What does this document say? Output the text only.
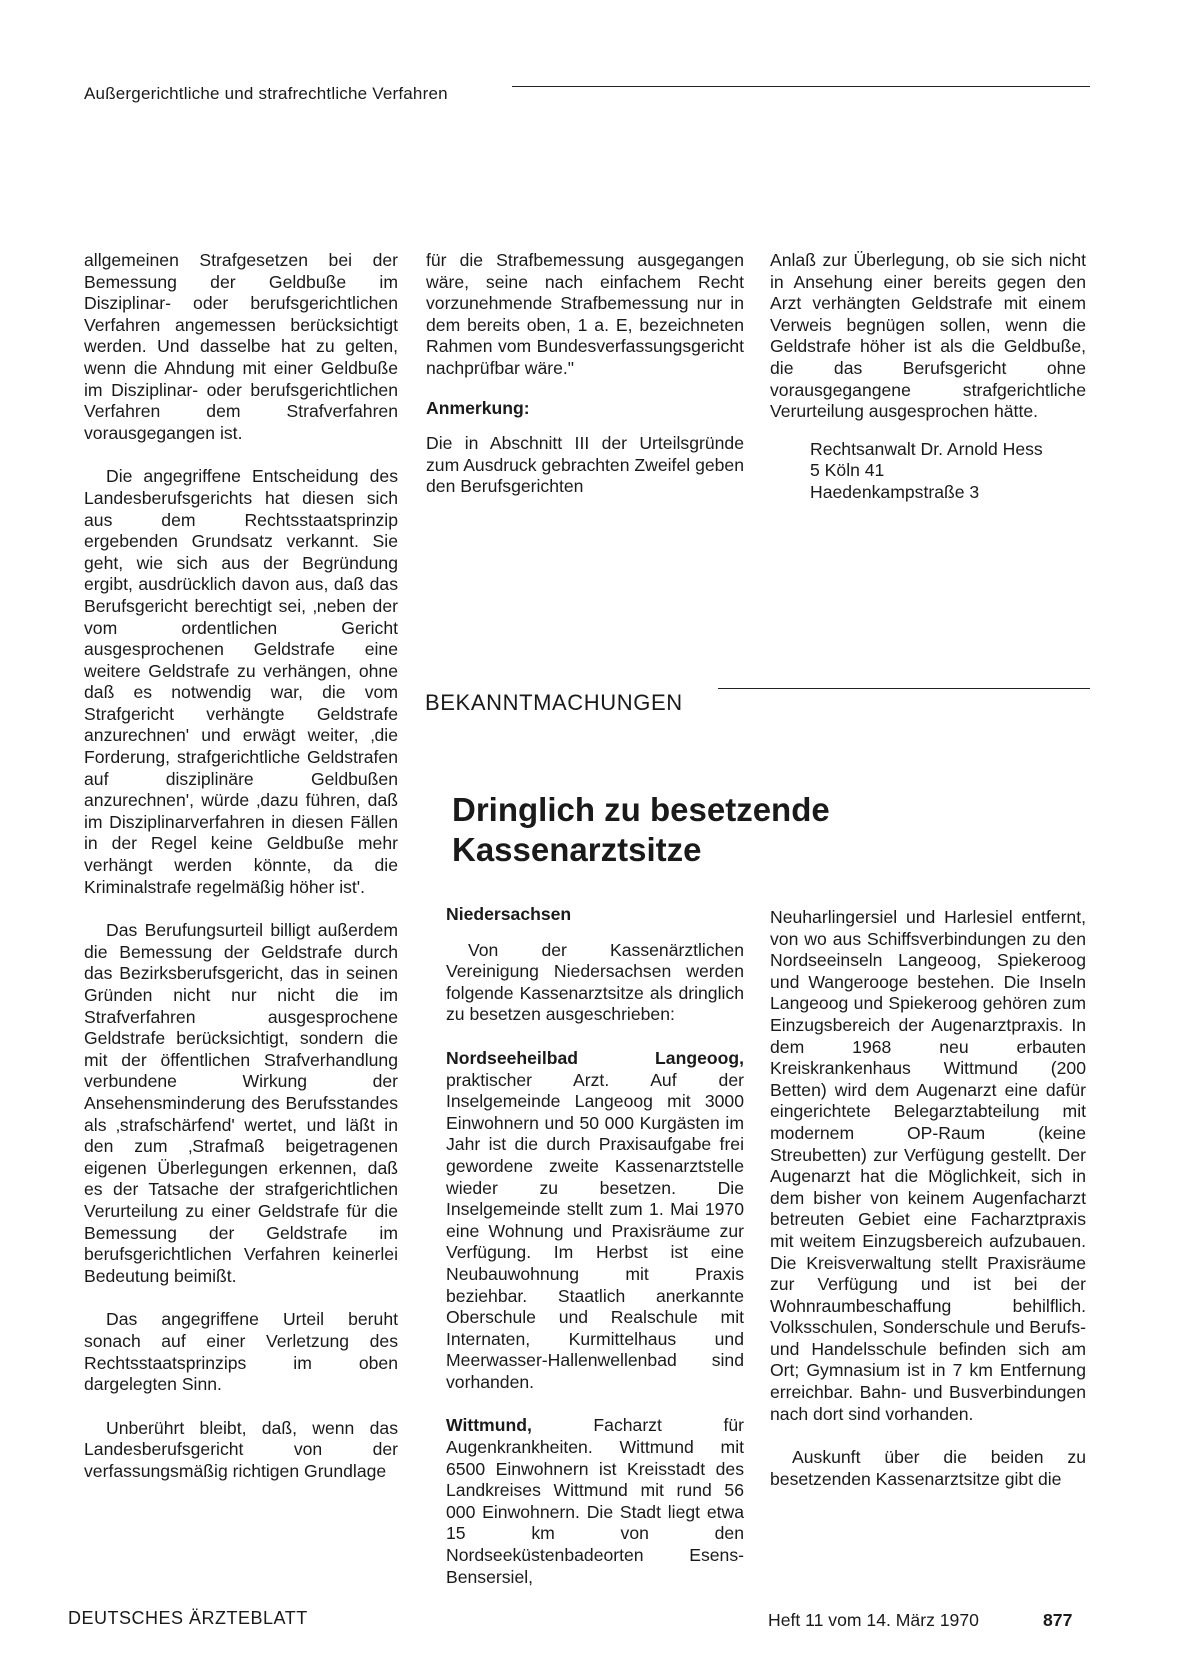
Außergerichtliche und strafrechtliche Verfahren

allgemeinen Strafgesetzen bei der Bemessung der Geldbuße im Disziplinar- oder berufsgerichtlichen Verfahren angemessen berücksichtigt werden. Und dasselbe hat zu gelten, wenn die Ahndung mit einer Geldbuße im Disziplinar- oder berufsgerichtlichen Verfahren dem Strafverfahren vorausgegangen ist.

Die angegriffene Entscheidung des Landesberufsgerichts hat diesen sich aus dem Rechtsstaatsprinzip ergebenden Grundsatz verkannt. Sie geht, wie sich aus der Begründung ergibt, ausdrücklich davon aus, daß das Berufsgericht berechtigt sei, ‚neben der vom ordentlichen Gericht ausgesprochenen Geldstrafe eine weitere Geldstrafe zu verhängen, ohne daß es notwendig war, die vom Strafgericht verhängte Geldstrafe anzurechnen' und erwägt weiter, ‚die Forderung, strafgerichtliche Geldstrafen auf disziplinäre Geldbußen anzurechnen', würde ‚dazu führen, daß im Disziplinarverfahren in diesen Fällen in der Regel keine Geldbuße mehr verhängt werden könnte, da die Kriminalstrafe regelmäßig höher ist'.

Das Berufungsurteil billigt außerdem die Bemessung der Geldstrafe durch das Bezirksberufsgericht, das in seinen Gründen nicht nur nicht die im Strafverfahren ausgesprochene Geldstrafe berücksichtigt, sondern die mit der öffentlichen Strafverhandlung verbundene Wirkung der Ansehensminderung des Berufsstandes als ‚strafschärfend' wertet, und läßt in den zum ‚Strafmaß beigetragenen eigenen Überlegungen erkennen, daß es der Tatsache der strafgerichtlichen Verurteilung zu einer Geldstrafe für die Bemessung der Geldstrafe im berufsgerichtlichen Verfahren keinerlei Bedeutung beimißt.

Das angegriffene Urteil beruht sonach auf einer Verletzung des Rechtsstaatsprinzips im oben dargelegten Sinn.

Unberührt bleibt, daß, wenn das Landesberufsgericht von der verfassungsmäßig richtigen Grundlage

für die Strafbemessung ausgegangen wäre, seine nach einfachem Recht vorzunehmende Strafbemessung nur in dem bereits oben, 1 a. E, bezeichneten Rahmen vom Bundesverfassungsgericht nachprüfbar wäre."

Anmerkung:

Die in Abschnitt III der Urteilsgründe zum Ausdruck gebrachten Zweifel geben den Berufsgerichten

Anlaß zur Überlegung, ob sie sich nicht in Ansehung einer bereits gegen den Arzt verhängten Geldstrafe mit einem Verweis begnügen sollen, wenn die Geldstrafe höher ist als die Geldbuße, die das Berufsgericht ohne vorausgegangene strafgerichtliche Verurteilung ausgesprochen hätte.

Rechtsanwalt Dr. Arnold Hess
5 Köln 41
Haedenkampstraße 3
BEKANNTMACHUNGEN
Dringlich zu besetzende
Kassenarztsitze

Niedersachsen

Von der Kassenärztlichen Vereinigung Niedersachsen werden folgende Kassenarztsitze als dringlich zu besetzen ausgeschrieben:

Nordseeheilbad Langeoog, praktischer Arzt. Auf der Inselgemeinde Langeoog mit 3000 Einwohnern und 50 000 Kurgästen im Jahr ist die durch Praxisaufgabe frei gewordene zweite Kassenarztstelle wieder zu besetzen. Die Inselgemeinde stellt zum 1. Mai 1970 eine Wohnung und Praxisräume zur Verfügung. Im Herbst ist eine Neubauwohnung mit Praxis beziehbar. Staatlich anerkannte Oberschule und Realschule mit Internaten, Kurmittelhaus und Meerwasser-Hallenwellenbad sind vorhanden.

Wittmund, Facharzt für Augenkrankheiten. Wittmund mit 6500 Einwohnern ist Kreisstadt des Landkreises Wittmund mit rund 56 000 Einwohnern. Die Stadt liegt etwa 15 km von den Nordseeküstenbadeorten Esens-Bensersiel,

Neuharlingersiel und Harlesiel entfernt, von wo aus Schiffsverbindungen zu den Nordseeinseln Langeoog, Spiekeroog und Wangerooge bestehen. Die Inseln Langeoog und Spiekeroog gehören zum Einzugsbereich der Augenarztpraxis. In dem 1968 neu erbauten Kreiskrankenhaus Wittmund (200 Betten) wird dem Augenarzt eine dafür eingerichtete Belegarztabteilung mit modernem OP-Raum (keine Streubetten) zur Verfügung gestellt. Der Augenarzt hat die Möglichkeit, sich in dem bisher von keinem Augenfacharzt betreuten Gebiet eine Facharztpraxis mit weitem Einzugsbereich aufzubauen. Die Kreisverwaltung stellt Praxisräume zur Verfügung und ist bei der Wohnraumbeschaffung behilflich. Volksschulen, Sonderschule und Berufs- und Handelsschule befinden sich am Ort; Gymnasium ist in 7 km Entfernung erreichbar. Bahn- und Busverbindungen nach dort sind vorhanden.

Auskunft über die beiden zu besetzenden Kassenarztsitze gibt die

DEUTSCHES ÄRZTEBLATT	Heft 11 vom 14. März 1970	877
